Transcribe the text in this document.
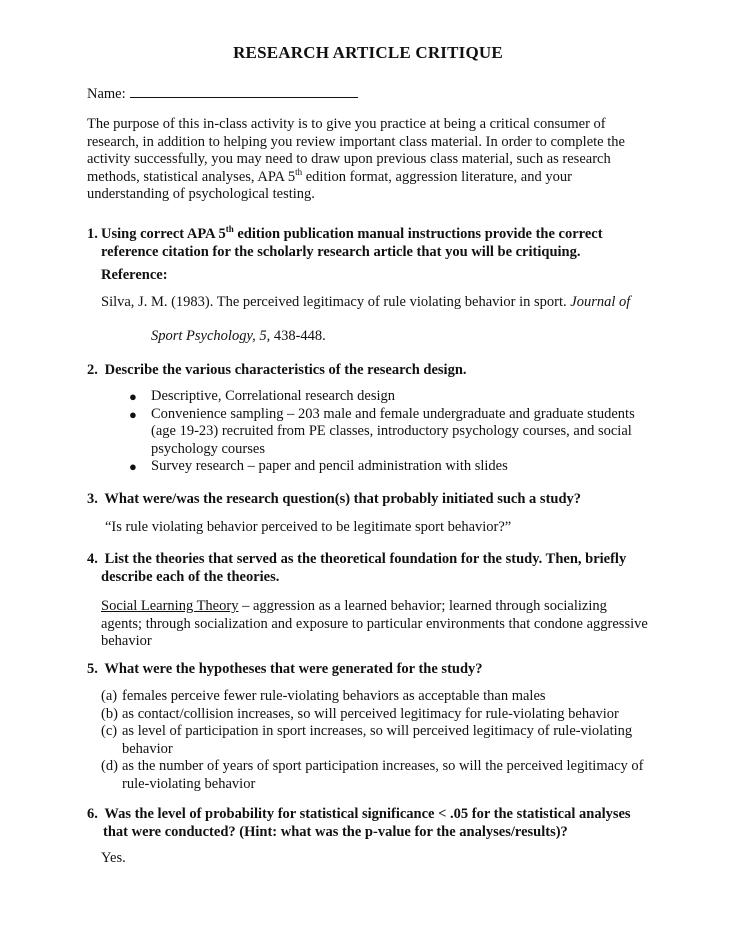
RESEARCH ARTICLE CRITIQUE
Name:
The purpose of this in-class activity is to give you practice at being a critical consumer of research, in addition to helping you review important class material. In order to complete the activity successfully, you may need to draw upon previous class material, such as research methods, statistical analyses, APA 5th edition format, aggression literature, and your understanding of psychological testing.
1. Using correct APA 5th edition publication manual instructions provide the correct
reference citation for the scholarly research article that you will be critiquing.
Reference:
Silva, J. M. (1983). The perceived legitimacy of rule violating behavior in sport. Journal of
Sport Psychology, 5, 438-448.
2. Describe the various characteristics of the research design.
● Descriptive, Correlational research design
● Convenience sampling – 203 male and female undergraduate and graduate students (age 19-23) recruited from PE classes, introductory psychology courses, and social psychology courses
● Survey research – paper and pencil administration with slides
3. What were/was the research question(s) that probably initiated such a study?
“Is rule violating behavior perceived to be legitimate sport behavior?”
4. List the theories that served as the theoretical foundation for the study. Then, briefly
describe each of the theories.
Social Learning Theory – aggression as a learned behavior; learned through socializing agents; through socialization and exposure to particular environments that condone aggressive behavior
5. What were the hypotheses that were generated for the study?
(a) females perceive fewer rule-violating behaviors as acceptable than males
(b) as contact/collision increases, so will perceived legitimacy for rule-violating behavior
(c) as level of participation in sport increases, so will perceived legitimacy of rule-violating behavior
(d) as the number of years of sport participation increases, so will the perceived legitimacy of rule-violating behavior
6. Was the level of probability for statistical significance < .05 for the statistical analyses
that were conducted? (Hint: what was the p-value for the analyses/results)?
Yes.
